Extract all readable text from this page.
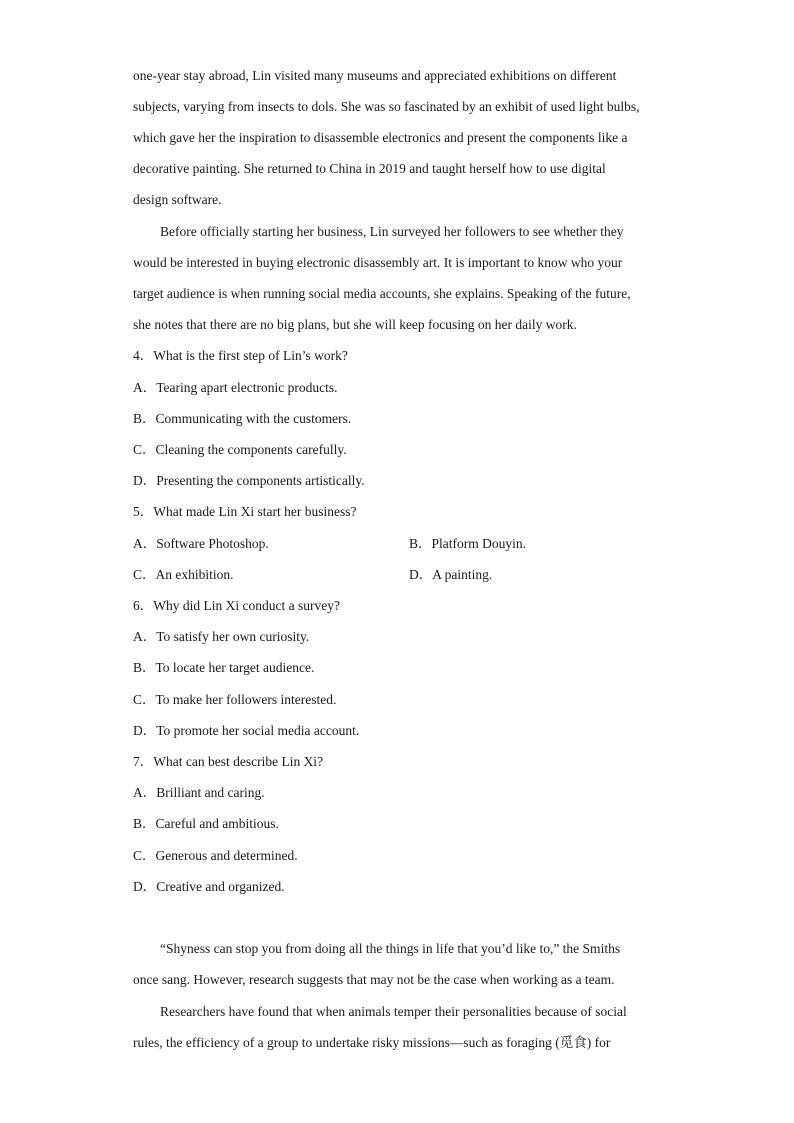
one-year stay abroad, Lin visited many museums and appreciated exhibitions on different
subjects, varying from insects to dols. She was so fascinated by an exhibit of used light bulbs,
which gave her the inspiration to disassemble electronics and present the components like a
decorative painting. She returned to China in 2019 and taught herself how to use digital
design software.
Before officially starting her business, Lin surveyed her followers to see whether they
would be interested in buying electronic disassembly art. It is important to know who your
target audience is when running social media accounts, she explains. Speaking of the future,
she notes that there are no big plans, but she will keep focusing on her daily work.
4．What is the first step of Lin’s work?
A．Tearing apart electronic products.
B．Communicating with the customers.
C．Cleaning the components carefully.
D．Presenting the components artistically.
5．What made Lin Xi start her business?
A．Software Photoshop.	B．Platform Douyin.
C．An exhibition.	D．A painting.
6．Why did Lin Xi conduct a survey?
A．To satisfy her own curiosity.
B．To locate her target audience.
C．To make her followers interested.
D．To promote her social media account.
7．What can best describe Lin Xi?
A．Brilliant and caring.
B．Careful and ambitious.
C．Generous and determined.
D．Creative and organized.
“Shyness can stop you from doing all the things in life that you’d like to,” the Smiths
once sang. However, research suggests that may not be the case when working as a team.
Researchers have found that when animals temper their personalities because of social
rules, the efficiency of a group to undertake risky missions—such as foraging (觅食) for
